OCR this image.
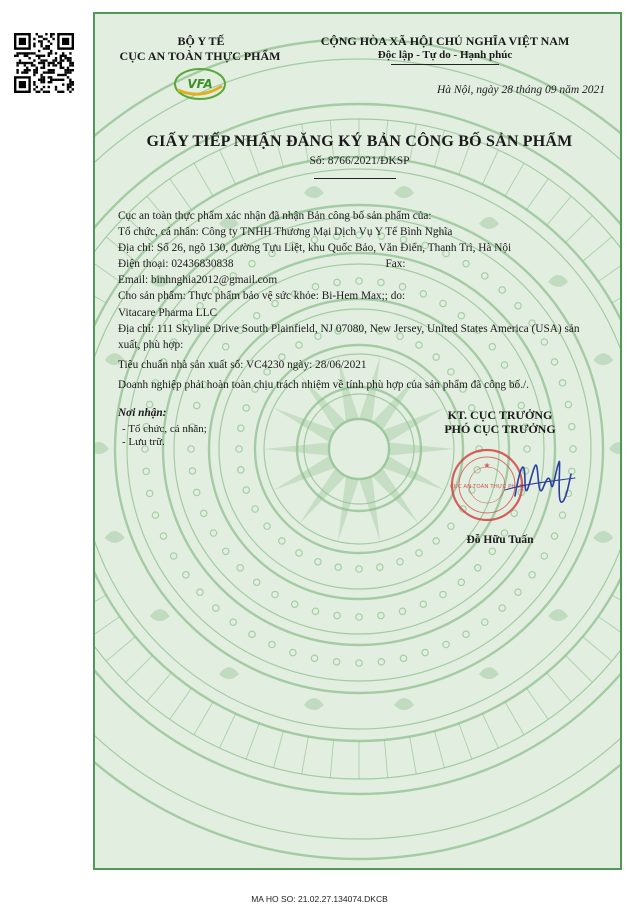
BỘ Y TẾ
CỤC AN TOÀN THỰC PHẨM
VFA
CỘNG HÒA XÃ HỘI CHỦ NGHĨA VIỆT NAM
Độc lập - Tự do - Hạnh phúc
Hà Nội, ngày 28 tháng 09 năm 2021
GIẤY TIẾP NHẬN ĐĂNG KÝ BẢN CÔNG BỐ SẢN PHẨM
Số: 8766/2021/ĐKSP

Cục an toàn thực phẩm xác nhận đã nhận Bản công bố sản phẩm của:

Tổ chức, cá nhân: Công ty TNHH Thương Mại Dịch Vụ Y Tế Bình Nghĩa

Địa chỉ: Số 26, ngõ 130, đường Tựu Liệt, khu Quốc Bảo, Văn Điển, Thanh Trì, Hà Nội

Điện thoại: 02436830838	Fax:

Email: binhnghia2012@gmail.com

Cho sản phẩm: Thực phẩm bảo vệ sức khỏe: Bi-Hem Max;; do:

Vitacare Pharma LLC

Địa chỉ: 111 Skyline Drive South Plainfield, NJ 07080, New Jersey, United States America (USA) sản xuất, phù hợp:

Tiêu chuẩn nhà sản xuất số: VC4230 ngày: 28/06/2021

Doanh nghiệp phải hoàn toàn chịu trách nhiệm về tính phù hợp của sản phẩm đã công bố./.

Nơi nhận:
- Tổ chức, cá nhân;
- Lưu trữ.
KT. CỤC TRƯỞNG
PHÓ CỤC TRƯỞNG
CỤC AN TOÀN THỰC PHẨM
★
Đỗ Hữu Tuấn
MA HO SO: 21.02.27.134074.DKCB
